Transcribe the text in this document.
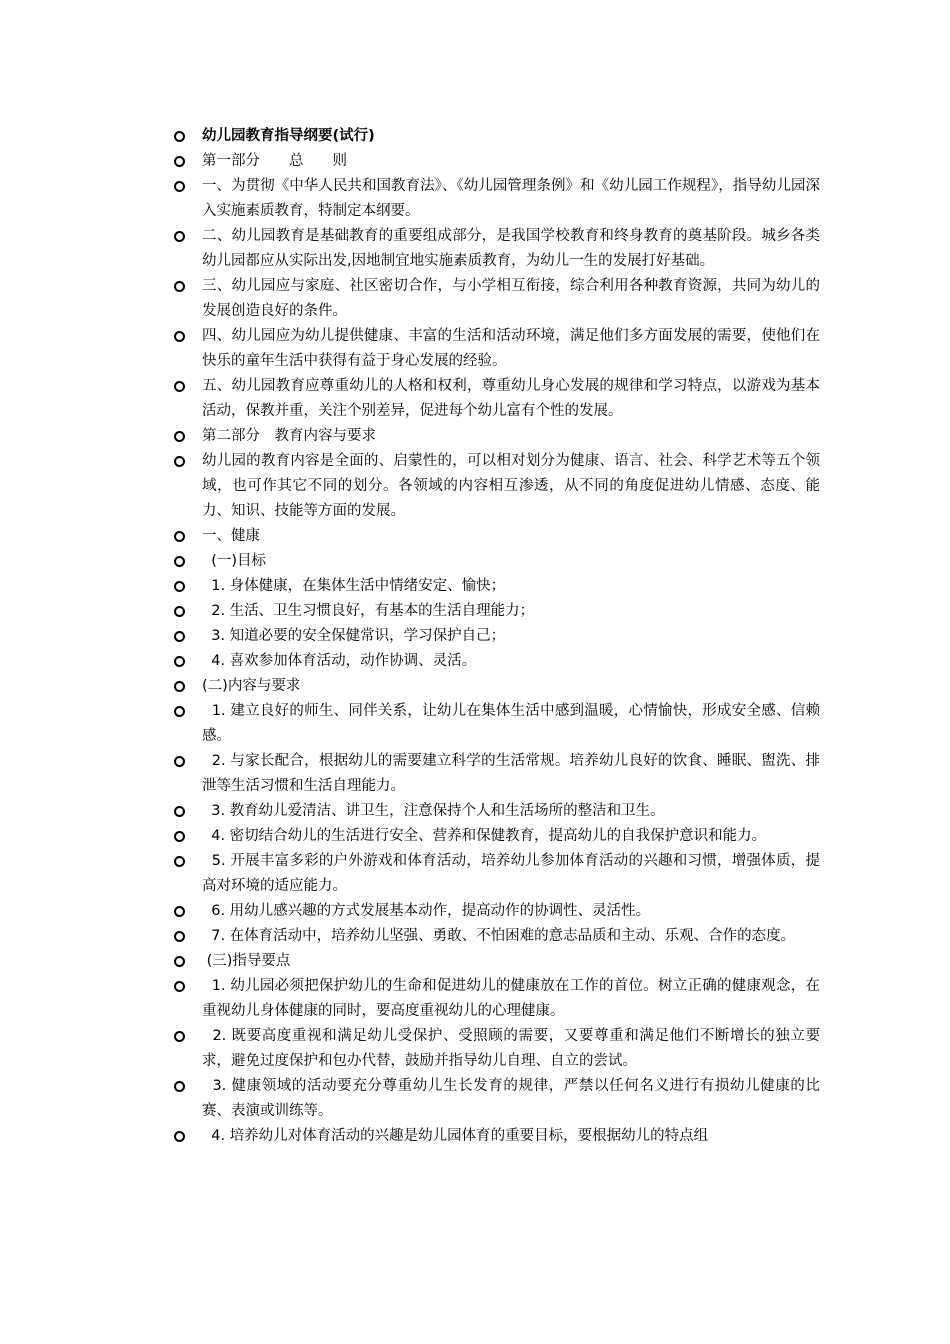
幼儿园教育指导纲要(试行)
第一部分　　总　　则
一、为贯彻《中华人民共和国教育法》、《幼儿园管理条例》和《幼儿园工作规程》，指导幼儿园深入实施素质教育，特制定本纲要。
二、幼儿园教育是基础教育的重要组成部分，是我国学校教育和终身教育的奠基阶段。城乡各类幼儿园都应从实际出发,因地制宜地实施素质教育，为幼儿一生的发展打好基础。
三、幼儿园应与家庭、社区密切合作，与小学相互衔接，综合利用各种教育资源，共同为幼儿的发展创造良好的条件。
四、幼儿园应为幼儿提供健康、丰富的生活和活动环境，满足他们多方面发展的需要，使他们在快乐的童年生活中获得有益于身心发展的经验。
五、幼儿园教育应尊重幼儿的人格和权利，尊重幼儿身心发展的规律和学习特点，以游戏为基本活动，保教并重，关注个别差异，促进每个幼儿富有个性的发展。
第二部分　教育内容与要求
幼儿园的教育内容是全面的、启蒙性的，可以相对划分为健康、语言、社会、科学艺术等五个领域，也可作其它不同的划分。各领域的内容相互渗透，从不同的角度促进幼儿情感、态度、能力、知识、技能等方面的发展。
一、健康
(一)目标
1. 身体健康，在集体生活中情绪安定、愉快；
2. 生活、卫生习惯良好，有基本的生活自理能力；
3. 知道必要的安全保健常识，学习保护自己；
4. 喜欢参加体育活动，动作协调、灵活。
(二)内容与要求
1. 建立良好的师生、同伴关系，让幼儿在集体生活中感到温暖，心情愉快，形成安全感、信赖感。
2. 与家长配合，根据幼儿的需要建立科学的生活常规。培养幼儿良好的饮食、睡眠、盥洗、排泄等生活习惯和生活自理能力。
3. 教育幼儿爱清洁、讲卫生，注意保持个人和生活场所的整洁和卫生。
4. 密切结合幼儿的生活进行安全、营养和保健教育，提高幼儿的自我保护意识和能力。
5. 开展丰富多彩的户外游戏和体育活动，培养幼儿参加体育活动的兴趣和习惯，增强体质，提高对环境的适应能力。
6. 用幼儿感兴趣的方式发展基本动作，提高动作的协调性、灵活性。
7. 在体育活动中，培养幼儿坚强、勇敢、不怕困难的意志品质和主动、乐观、合作的态度。
(三)指导要点
1. 幼儿园必须把保护幼儿的生命和促进幼儿的健康放在工作的首位。树立正确的健康观念，在重视幼儿身体健康的同时，要高度重视幼儿的心理健康。
2. 既要高度重视和满足幼儿受保护、受照顾的需要，又要尊重和满足他们不断增长的独立要求，避免过度保护和包办代替，鼓励并指导幼儿自理、自立的尝试。
3. 健康领域的活动要充分尊重幼儿生长发育的规律，严禁以任何名义进行有损幼儿健康的比赛、表演或训练等。
4. 培养幼儿对体育活动的兴趣是幼儿园体育的重要目标，要根据幼儿的特点组
